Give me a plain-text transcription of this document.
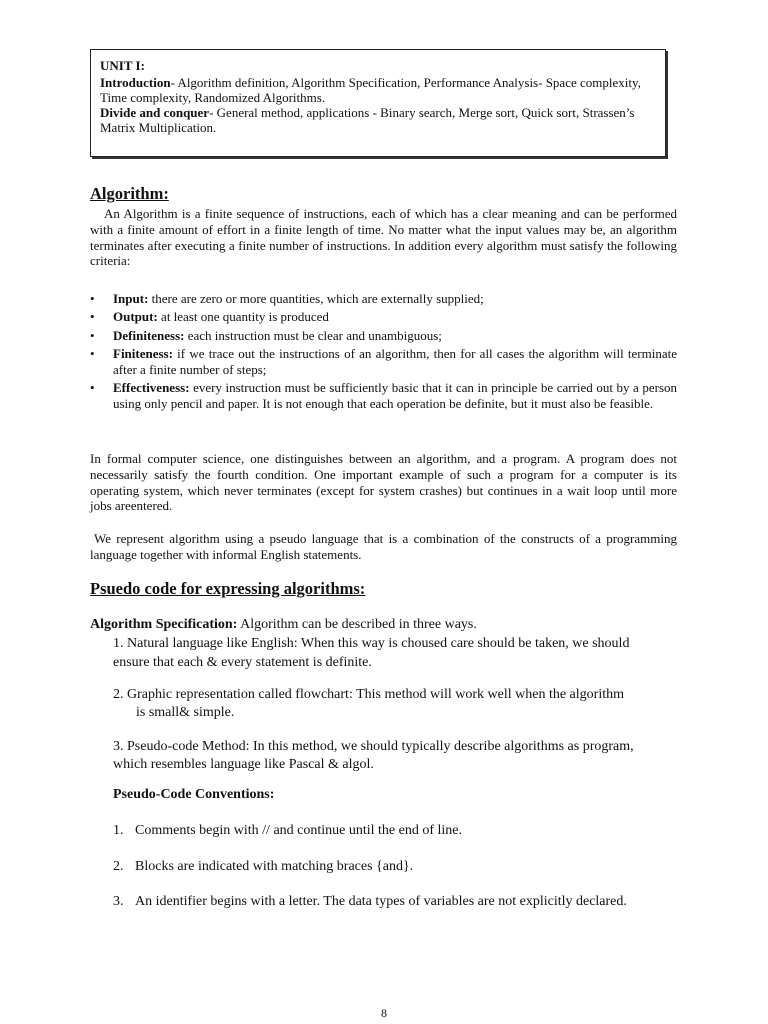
UNIT I:

Introduction- Algorithm definition, Algorithm Specification, Performance Analysis- Space complexity, Time complexity, Randomized Algorithms.

Divide and conquer- General method, applications - Binary search, Merge sort, Quick sort, Strassen’s Matrix Multiplication.

Algorithm:

An Algorithm is a finite sequence of instructions, each of which has a clear meaning and can be performed with a finite amount of effort in a finite length of time. No matter what the input values may be, an algorithm terminates after executing a finite number of instructions. In addition every algorithm must satisfy the following criteria:

• Input: there are zero or more quantities, which are externally supplied;
• Output: at least one quantity is produced
• Definiteness: each instruction must be clear and unambiguous;
• Finiteness: if we trace out the instructions of an algorithm, then for all cases the algorithm will terminate after a finite number of steps;
• Effectiveness: every instruction must be sufficiently basic that it can in principle be carried out by a person using only pencil and paper. It is not enough that each operation be definite, but it must also be feasible.

In formal computer science, one distinguishes between an algorithm, and a program. A program does not necessarily satisfy the fourth condition. One important example of such a program for a computer is its operating system, which never terminates (except for system crashes) but continues in a wait loop until more jobs areentered.

We represent algorithm using a pseudo language that is a combination of the constructs of a programming language together with informal English statements.

Psuedo code for expressing algorithms:
Algorithm Specification: Algorithm can be described in three ways.

1. Natural language like English: When this way is choused care should be taken, we should

ensure that each & every statement is definite.

2. Graphic representation called flowchart: This method will work well when the algorithm

is small& simple.

3. Pseudo-code Method: In this method, we should typically describe algorithms as program,

which resembles language like Pascal & algol.

Pseudo-Code Conventions:

1. Comments begin with // and continue until the end of line.

2. Blocks are indicated with matching braces {and}.

3. An identifier begins with a letter. The data types of variables are not explicitly declared.

8
